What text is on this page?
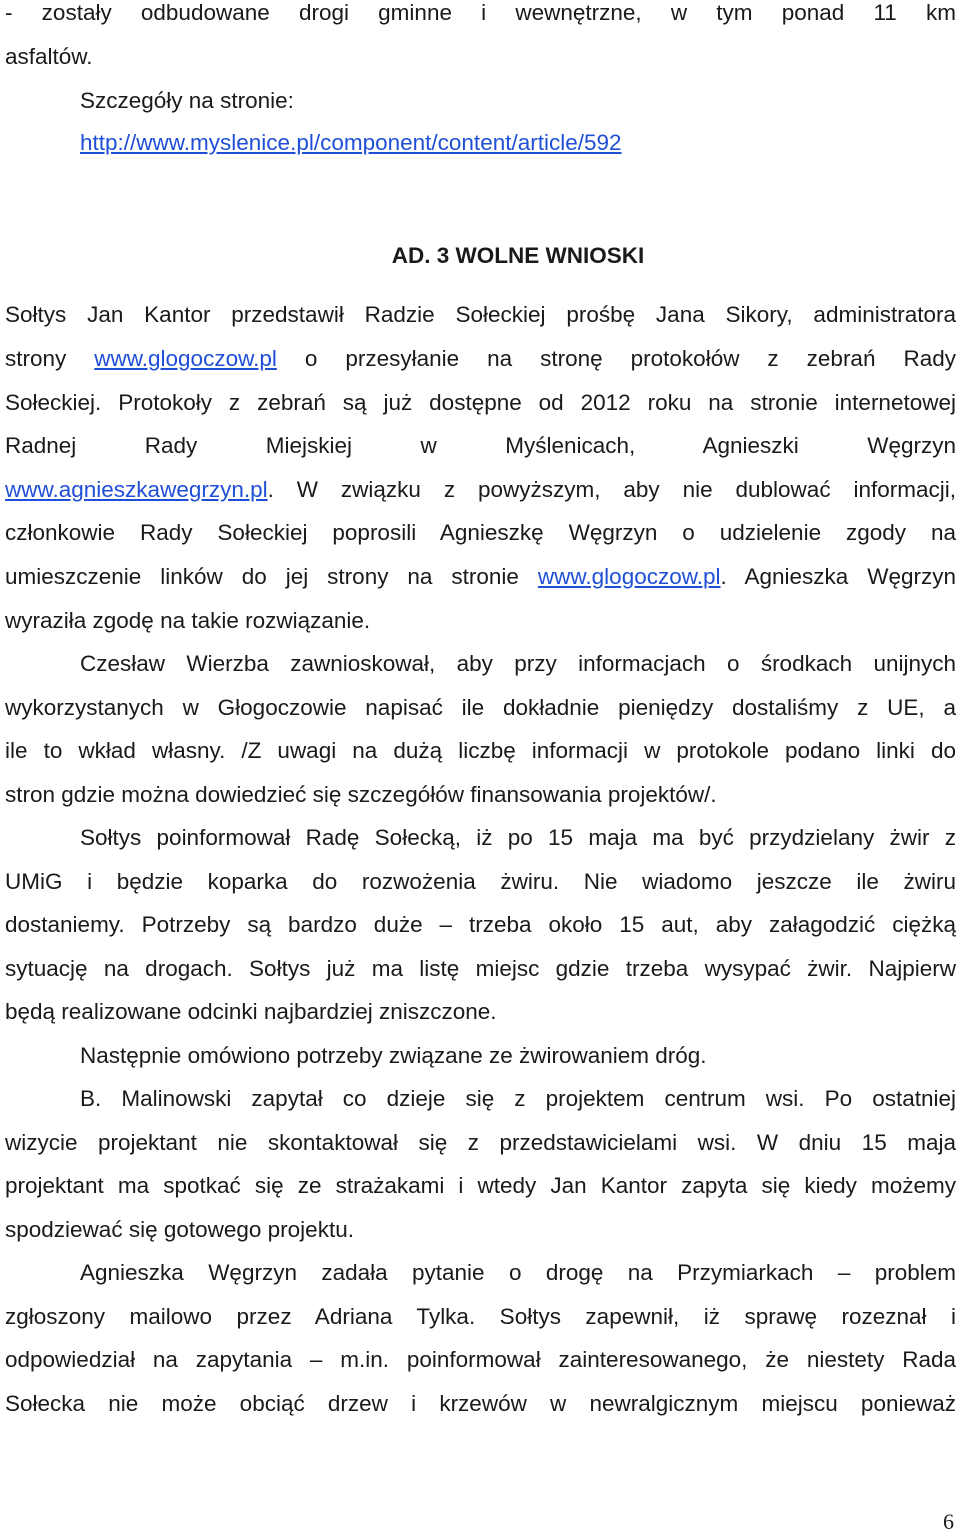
- zostały odbudowane drogi gminne i wewnętrzne, w tym ponad 11 km
asfaltów.
Szczegóły na stronie:
http://www.myslenice.pl/component/content/article/592
AD. 3 WOLNE WNIOSKI
Sołtys Jan Kantor przedstawił Radzie Sołeckiej prośbę Jana Sikory, administratora
strony www.glogoczow.pl o przesyłanie na stronę protokołów z zebrań Rady
Sołeckiej. Protokoły z zebrań są już dostępne od 2012 roku na stronie internetowej
Radnej Rady Miejskiej w Myślenicach, Agnieszki Węgrzyn
www.agnieszkawegrzyn.pl. W związku z powyższym, aby nie dublować informacji,
członkowie Rady Sołeckiej poprosili Agnieszkę Węgrzyn o udzielenie zgody na
umieszczenie linków do jej strony na stronie www.glogoczow.pl. Agnieszka Węgrzyn
wyraziła zgodę na takie rozwiązanie.
Czesław Wierzba zawnioskował, aby przy informacjach o środkach unijnych
wykorzystanych w Głogoczowie napisać ile dokładnie pieniędzy dostaliśmy z UE, a
ile to wkład własny. /Z uwagi na dużą liczbę informacji w protokole podano linki do
stron gdzie można dowiedzieć się szczegółów finansowania projektów/.
Sołtys poinformował Radę Sołecką, iż po 15 maja ma być przydzielany żwir z
UMiG i będzie koparka do rozwożenia żwiru. Nie wiadomo jeszcze ile żwiru
dostaniemy. Potrzeby są bardzo duże – trzeba około 15 aut, aby załagodzić ciężką
sytuację na drogach. Sołtys już ma listę miejsc gdzie trzeba wysypać żwir. Najpierw
będą realizowane odcinki najbardziej zniszczone.
Następnie omówiono potrzeby związane ze żwirowaniem dróg.
B. Malinowski zapytał co dzieje się z projektem centrum wsi. Po ostatniej
wizycie projektant nie skontaktował się z przedstawicielami wsi. W dniu 15 maja
projektant ma spotkać się ze strażakami i wtedy Jan Kantor zapyta się kiedy możemy
spodziewać się gotowego projektu.
Agnieszka Węgrzyn zadała pytanie o drogę na Przymiarkach – problem
zgłoszony mailowo przez Adriana Tylka. Sołtys zapewnił, iż sprawę rozeznał i
odpowiedział na zapytania – m.in. poinformował zainteresowanego, że niestety Rada
Sołecka nie może obciąć drzew i krzewów w newralgicznym miejscu ponieważ
6
